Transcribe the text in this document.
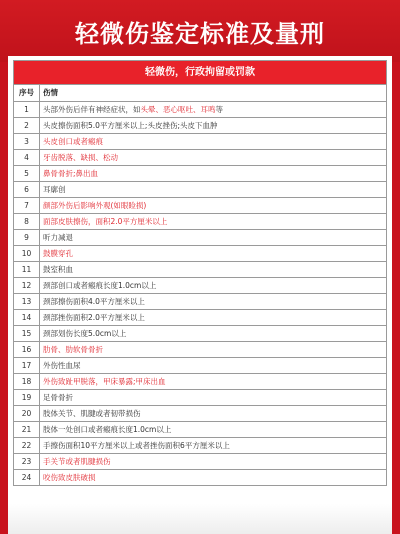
轻微伤鉴定标准及量刑
轻微伤，行政拘留或罚款	
序号	伤情
1	头部外伤后伴有神经症状，如头晕、恶心呕吐、耳鸣等
2	头皮擦伤面积5.0平方厘米以上;头皮挫伤;头皮下血肿
3	头皮创口或者瘢痕
4	牙齿脱落、缺损、松动
5	鼻骨骨折;鼻出血
6	耳廓创
7	颜部外伤后影响外观(如眼睑损)
8	面部皮肤擦伤，面积2.0平方厘米以上
9	听力减退
10	鼓膜穿孔
11	鼓室积血
12	颈部创口或者瘢痕长度1.0cm以上
13	颈部擦伤面积4.0平方厘米以上
14	颈部挫伤面积2.0平方厘米以上
15	颈部划伤长度5.0cm以上
16	肋骨、肋软骨骨折
17	外伤性血尿
18	外伤致趾甲脱落，甲床暴露;甲床出血
19	足骨骨折
20	肢体关节、肌腱或者韧带损伤
21	肢体一处创口或者瘢痕长度1.0cm以上
22	手擦伤面积10平方厘米以上或者挫伤面积6平方厘米以上
23	手关节或者肌腱损伤
24	咬伤致皮肤破损
